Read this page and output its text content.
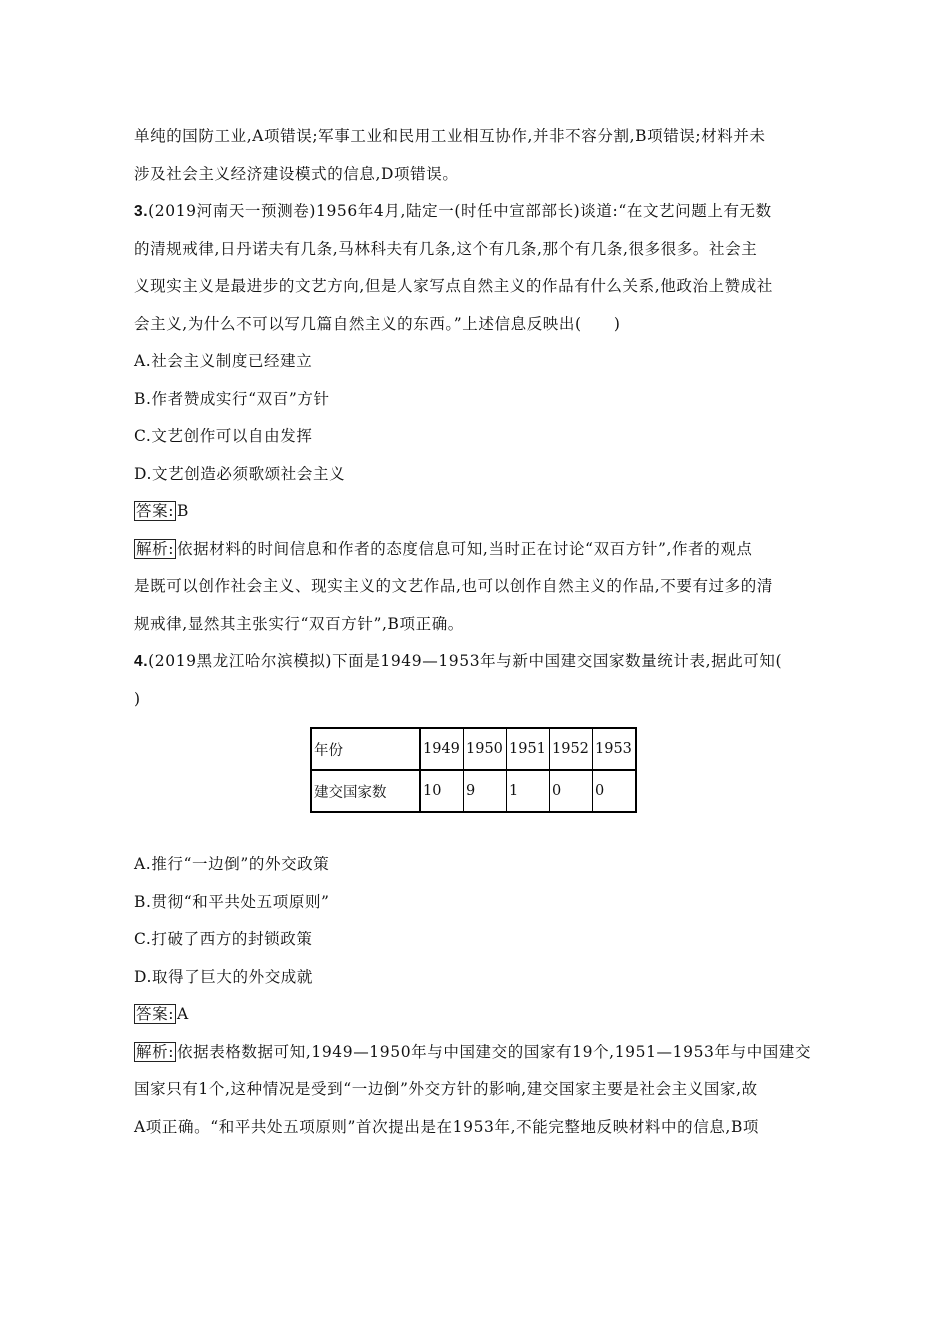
单纯的国防工业,A项错误;军事工业和民用工业相互协作,并非不容分割,B项错误;材料并未

涉及社会主义经济建设模式的信息,D项错误。

3.(2019河南天一预测卷)1956年4月,陆定一(时任中宣部部长)谈道:“在文艺问题上有无数

的清规戒律,日丹诺夫有几条,马林科夫有几条,这个有几条,那个有几条,很多很多。社会主

义现实主义是最进步的文艺方向,但是人家写点自然主义的作品有什么关系,他政治上赞成社

会主义,为什么不可以写几篇自然主义的东西。”上述信息反映出(　　)

A.社会主义制度已经建立

B.作者赞成实行“双百”方针

C.文艺创作可以自由发挥

D.文艺创造必须歌颂社会主义

答案: B

解析: 依据材料的时间信息和作者的态度信息可知,当时正在讨论“双百方针”,作者的观点

是既可以创作社会主义、现实主义的文艺作品,也可以创作自然主义的作品,不要有过多的清

规戒律,显然其主张实行“双百方针”,B项正确。

4.(2019黑龙江哈尔滨模拟)下面是1949—1953年与新中国建交国家数量统计表,据此可知(

)

年份	1949	1950	1951	1952	1953
建交国家数	10	9	1	0	0

A.推行“一边倒”的外交政策

B.贯彻“和平共处五项原则”

C.打破了西方的封锁政策

D.取得了巨大的外交成就

答案: A

解析: 依据表格数据可知,1949—1950年与中国建交的国家有19个,1951—1953年与中国建交

国家只有1个,这种情况是受到“一边倒”外交方针的影响,建交国家主要是社会主义国家,故

A项正确。“和平共处五项原则”首次提出是在1953年,不能完整地反映材料中的信息,B项
